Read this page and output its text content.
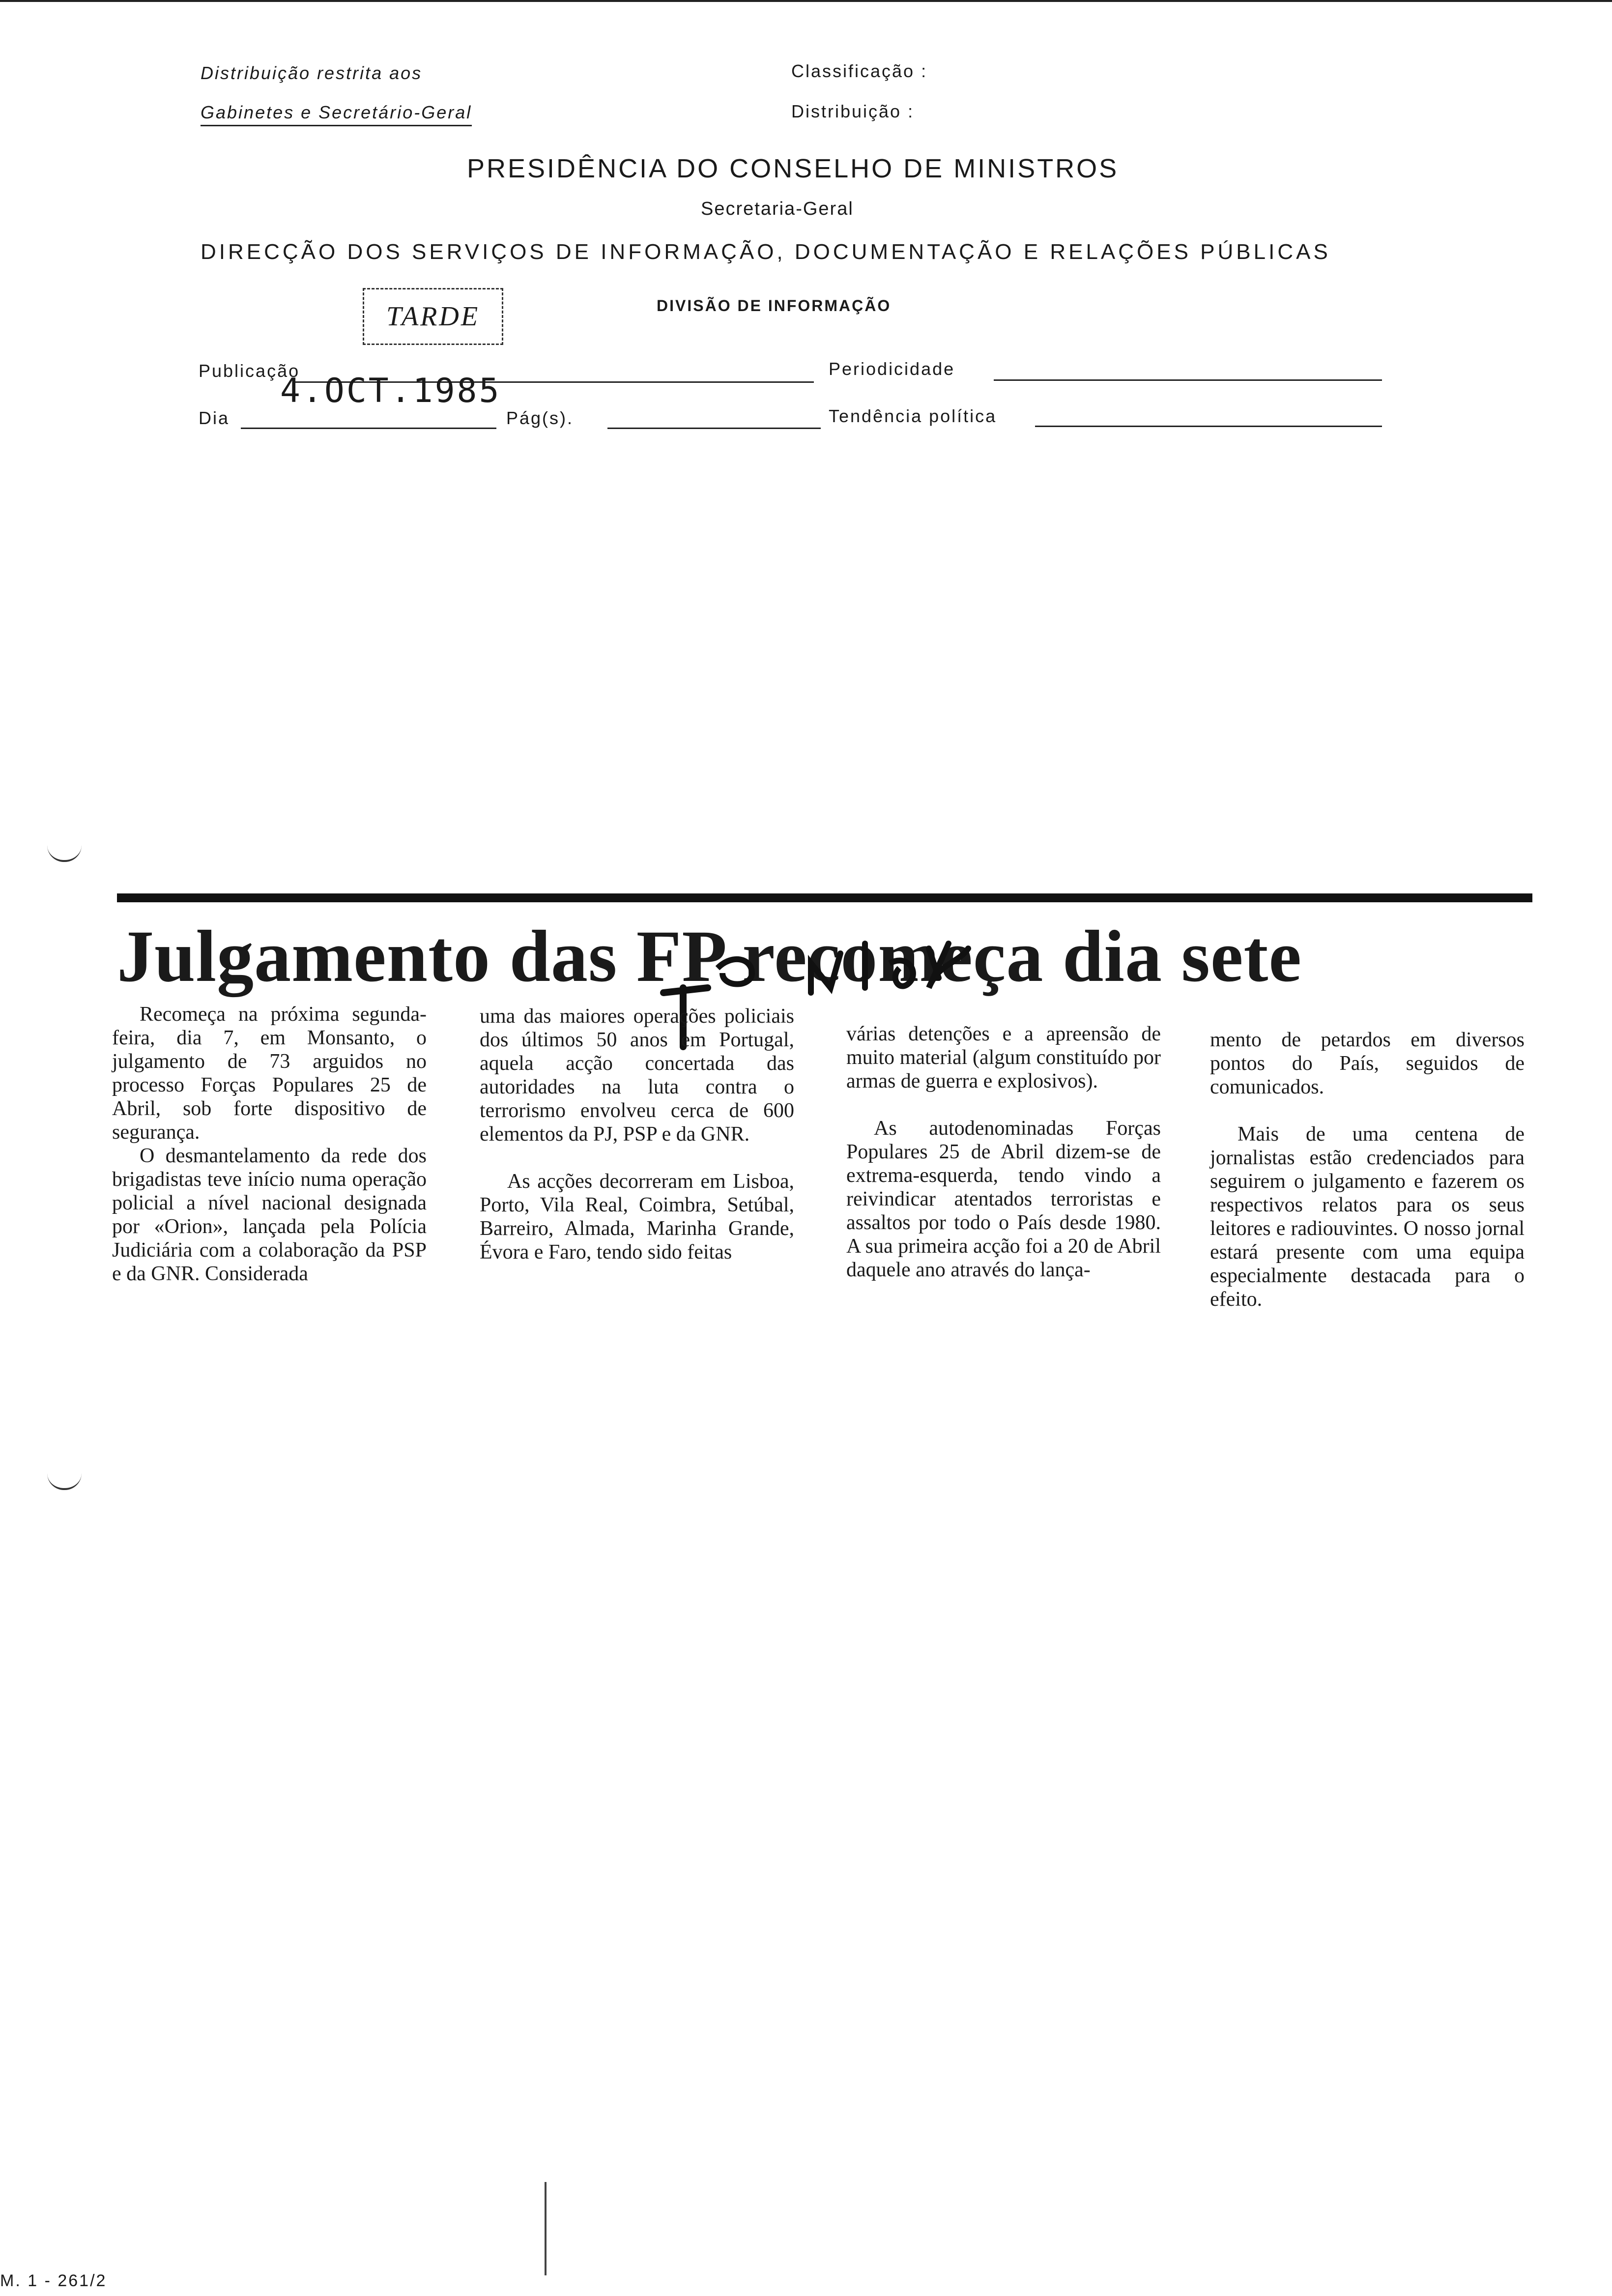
Distribuição restrita aos
Gabinetes e Secretário-Geral
Classificação :
Distribuição :
PRESIDÊNCIA DO CONSELHO DE MINISTROS
Secretaria-Geral
DIRECÇÃO DOS SERVIÇOS DE INFORMAÇÃO, DOCUMENTAÇÃO E RELAÇÕES PÚBLICAS
TARDE	DIVISÃO DE INFORMAÇÃO
Publicação
4.OCT.1985
Periodicidade
Dia	Pág(s).	Tendência política
Julgamento das FP recomeça dia sete

Recomeça na próxima segunda-feira, dia 7, em Monsanto, o julgamento de 73 arguidos no processo Forças Populares 25 de Abril, sob forte dispositivo de segurança.

O desmantelamento da rede dos brigadistas teve início numa operação policial a nível nacional designada por «Orion», lançada pela Polícia Judiciária com a colaboração da PSP e da GNR. Considerada

uma das maiores operações policiais dos últimos 50 anos em Portugal, aquela acção concertada das autoridades na luta contra o terrorismo envolveu cerca de 600 elementos da PJ, PSP e da GNR.

As acções decorreram em Lisboa, Porto, Vila Real, Coimbra, Setúbal, Barreiro, Almada, Marinha Grande, Évora e Faro, tendo sido feitas

várias detenções e a apreensão de muito material (algum constituído por armas de guerra e explosivos).

As autodenominadas Forças Populares 25 de Abril dizem-se de extrema-esquerda, tendo vindo a reivindicar atentados terroristas e assaltos por todo o País desde 1980. A sua primeira acção foi a 20 de Abril daquele ano através do lança-

mento de petardos em diversos pontos do País, seguidos de comunicados.

Mais de uma centena de jornalistas estão credenciados para seguirem o julgamento e fazerem os respectivos relatos para os seus leitores e radiouvintes. O nosso jornal estará presente com uma equipa especialmente destacada para o efeito.

M. 1 - 261/2
